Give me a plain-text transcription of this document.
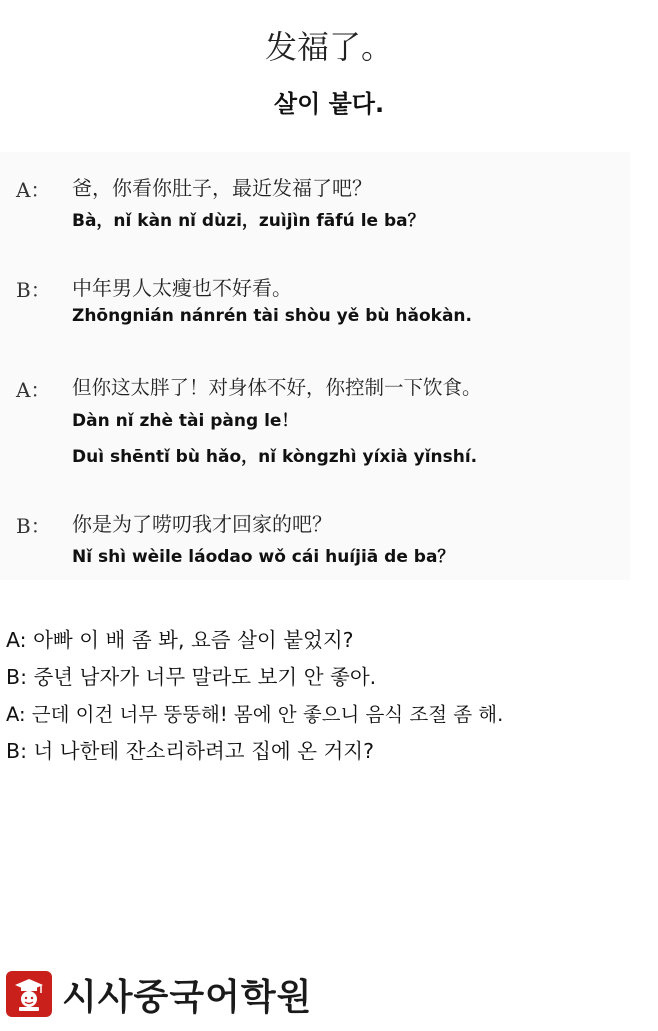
发福了。
살이 붙다.
A： 爸，你看你肚子，最近发福了吧？
Bà，nǐ kàn nǐ dùzi，zuìjìn fāfú le ba？
B： 中年男人太瘦也不好看。
Zhōngnián nánrén tài shòu yě bù hǎokàn.
A： 但你这太胖了！对身体不好，你控制一下饮食。
Dàn nǐ zhè tài pàng le！
Duì shēntǐ bù hǎo，nǐ kòngzhì yíxià yǐnshí.
B： 你是为了唠叨我才回家的吧？
Nǐ shì wèile láodao wǒ cái huíjiā de ba？
A: 아빠 이 배 좀 봐, 요즘 살이 붙었지?
B: 중년 남자가 너무 말라도 보기 안 좋아.
A: 근데 이건 너무 뚱뚱해! 몸에 안 좋으니 음식 조절 좀 해.
B: 너 나한테 잔소리하려고 집에 온 거지?
시사중국어학원
